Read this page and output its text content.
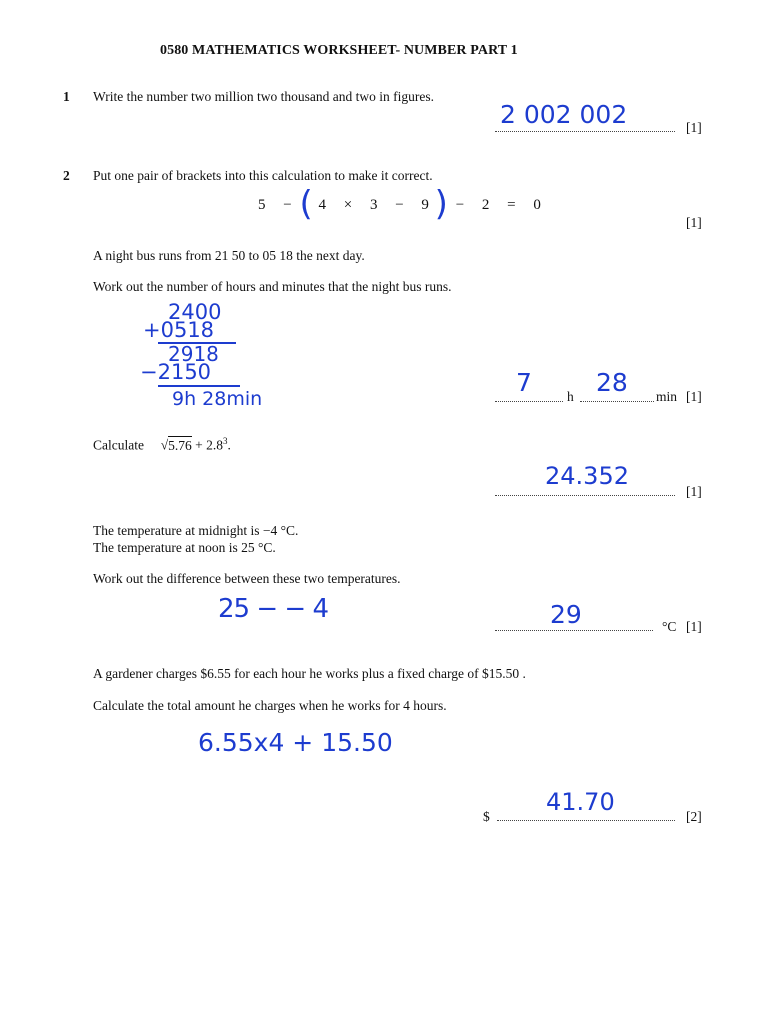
0580 MATHEMATICS WORKSHEET- NUMBER PART 1
1 Write the number two million two thousand and two in figures.
2 002 002	[1]
2 Put one pair of brackets into this calculation to make it correct.
5 − ( 4 × 3 − 9 ) − 2 = 0
[1]
A night bus runs from 21 50 to 05 18 the next day.
Work out the number of hours and minutes that the night bus runs.
2400
+0518
2918
−2150
9h 28min
7	28
h	min [1]
Calculate $√5.76 + 2.8^3$.
24.352
[1]
The temperature at midnight is −4 °C.
The temperature at noon is 25 °C.
Work out the difference between these two temperatures.
25 − − 4	29	°C [1]
A gardener charges $6.55 for each hour he works plus a fixed charge of $15.50 .
Calculate the total amount he charges when he works for 4 hours.
6.55x4 + 15.50
$
41.70
[2]
